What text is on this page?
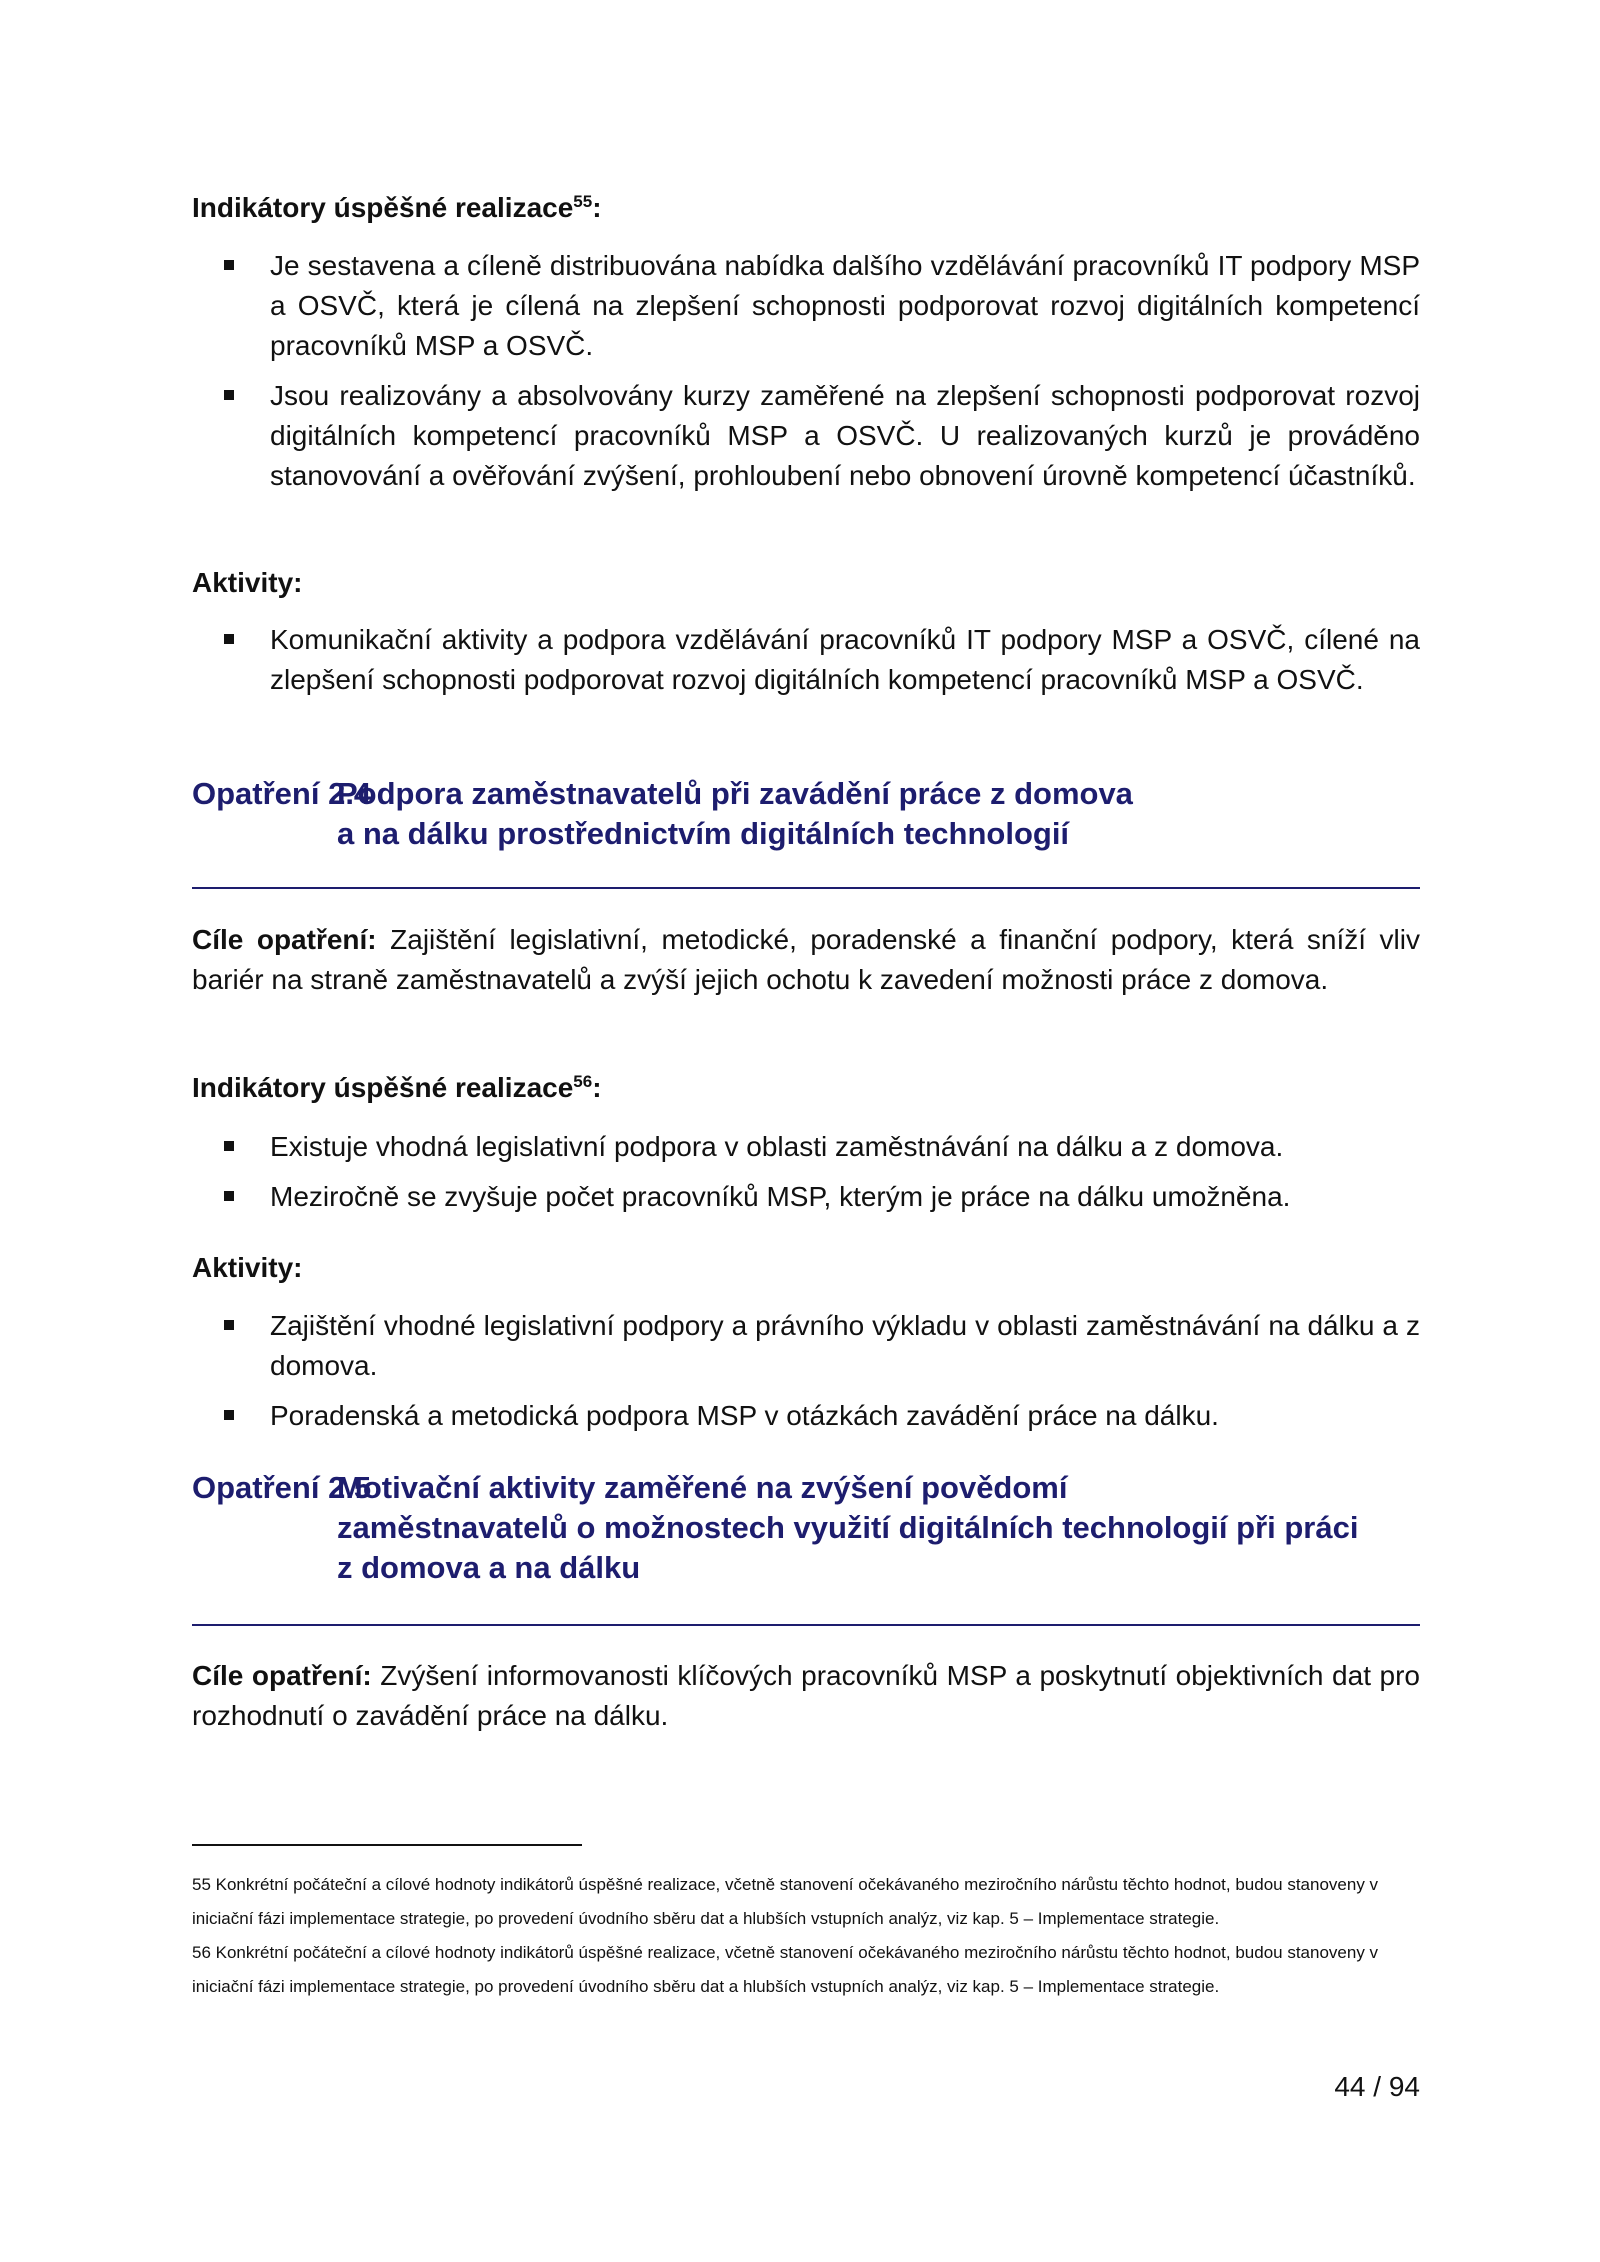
Indikátory úspěšné realizace$^{55}$:

Je sestavena a cíleně distribuována nabídka dalšího vzdělávání pracovníků IT podpory MSP a OSVČ, která je cílená na zlepšení schopnosti podporovat rozvoj digitálních kompetencí pracovníků MSP a OSVČ.
Jsou realizovány a absolvovány kurzy zaměřené na zlepšení schopnosti podporovat rozvoj digitálních kompetencí pracovníků MSP a OSVČ. U realizovaných kurzů je prováděno stanovování a ověřování zvýšení, prohloubení nebo obnovení úrovně kompetencí účastníků.

Aktivity:

Komunikační aktivity a podpora vzdělávání pracovníků IT podpory MSP a OSVČ, cílené na zlepšení schopnosti podporovat rozvoj digitálních kompetencí pracovníků MSP a OSVČ.
Opatření 2.4
Podpora zaměstnavatelů při zavádění práce z domova
a na dálku prostřednictvím digitálních technologií

Cíle opatření: Zajištění legislativní, metodické, poradenské a finanční podpory, která sníží vliv bariér na straně zaměstnavatelů a zvýší jejich ochotu k zavedení možnosti práce z domova.

Indikátory úspěšné realizace$^{56}$:

Existuje vhodná legislativní podpora v oblasti zaměstnávání na dálku a z domova.
Meziročně se zvyšuje počet pracovníků MSP, kterým je práce na dálku umožněna.

Aktivity:

Zajištění vhodné legislativní podpory a právního výkladu v oblasti zaměstnávání na dálku a z domova.
Poradenská a metodická podpora MSP v otázkách zavádění práce na dálku.
Opatření 2.5
Motivační aktivity zaměřené na zvýšení povědomí
zaměstnavatelů o možnostech využití digitálních technologií při práci
z domova a na dálku

Cíle opatření: Zvýšení informovanosti klíčových pracovníků MSP a poskytnutí objektivních dat pro rozhodnutí o zavádění práce na dálku.

55 Konkrétní počáteční a cílové hodnoty indikátorů úspěšné realizace, včetně stanovení očekávaného meziročního nárůstu těchto hodnot, budou stanoveny v iniciační fázi implementace strategie, po provedení úvodního sběru dat a hlubších vstupních analýz, viz kap. 5 – Implementace strategie.

56 Konkrétní počáteční a cílové hodnoty indikátorů úspěšné realizace, včetně stanovení očekávaného meziročního nárůstu těchto hodnot, budou stanoveny v iniciační fázi implementace strategie, po provedení úvodního sběru dat a hlubších vstupních analýz, viz kap. 5 – Implementace strategie.

44 / 94
